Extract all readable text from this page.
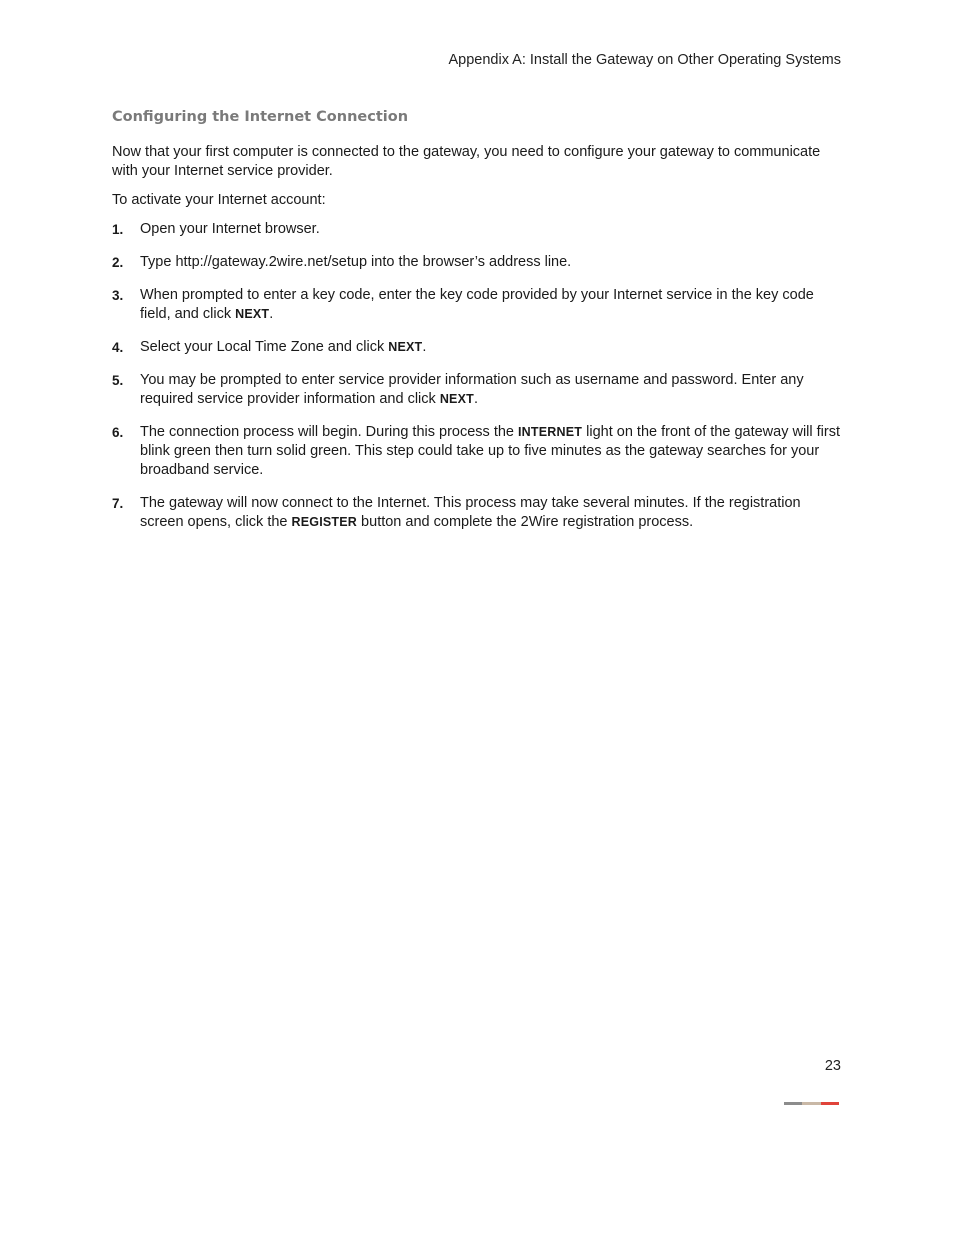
Appendix A: Install the Gateway on Other Operating Systems
Configuring the Internet Connection

Now that your first computer is connected to the gateway, you need to configure your gateway to communicate with your Internet service provider.

To activate your Internet account:

1. Open your Internet browser.
2. Type http://gateway.2wire.net/setup into the browser’s address line.
3. When prompted to enter a key code, enter the key code provided by your Internet service in the key code field, and click NEXT.
4. Select your Local Time Zone and click NEXT.
5. You may be prompted to enter service provider information such as username and password. Enter any required service provider information and click NEXT.
6. The connection process will begin. During this process the INTERNET light on the front of the gateway will first blink green then turn solid green. This step could take up to five minutes as the gateway searches for your broadband service.
7. The gateway will now connect to the Internet. This process may take several minutes. If the registration screen opens, click the REGISTER button and complete the 2Wire registration process.
23
